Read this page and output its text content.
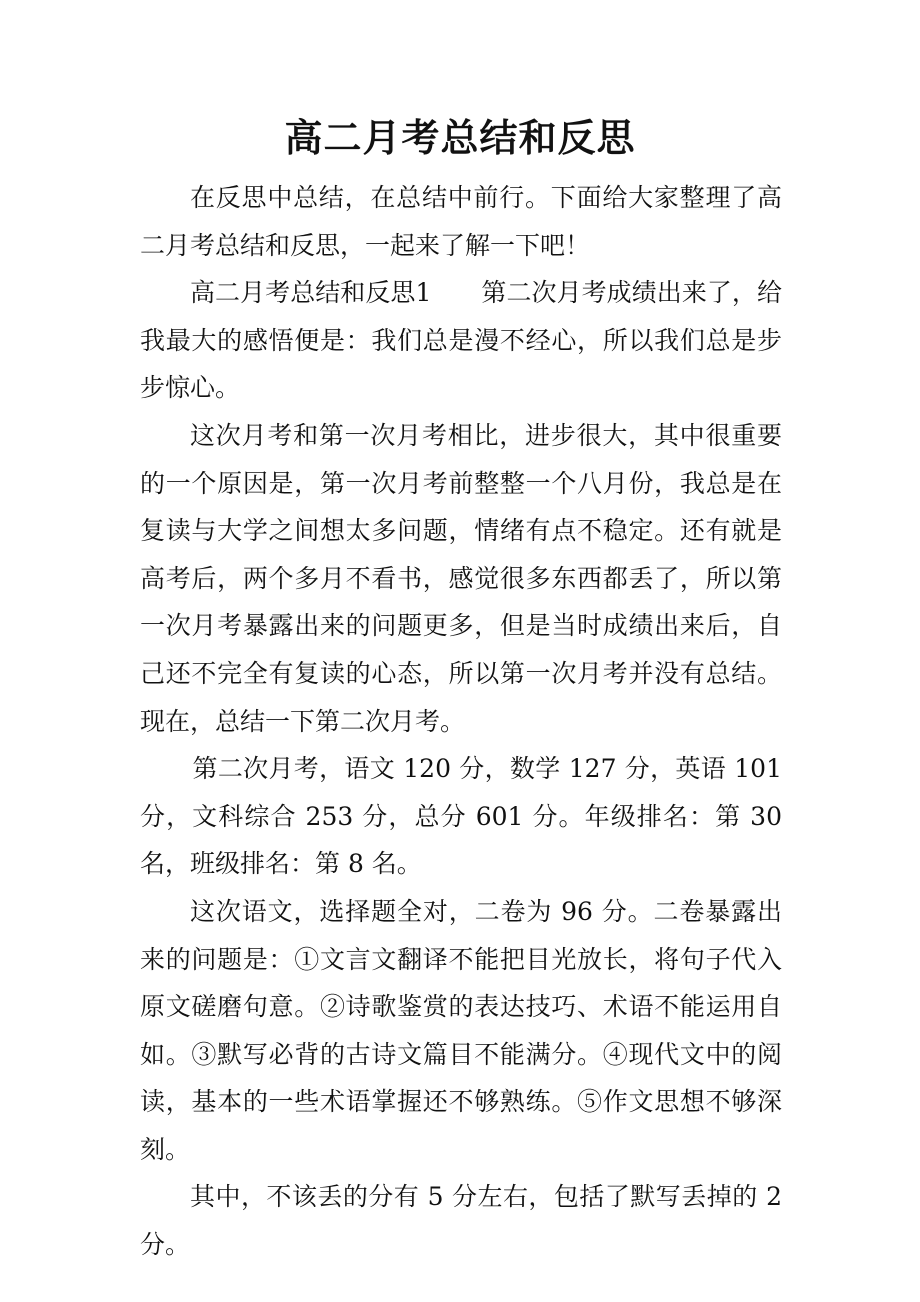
高二月考总结和反思

在反思中总结，在总结中前行。下面给大家整理了高二月考总结和反思，一起来了解一下吧！

高二月考总结和反思1 第二次月考成绩出来了，给我最大的感悟便是：我们总是漫不经心，所以我们总是步步惊心。

这次月考和第一次月考相比，进步很大，其中很重要的一个原因是，第一次月考前整整一个八月份，我总是在复读与大学之间想太多问题，情绪有点不稳定。还有就是高考后，两个多月不看书，感觉很多东西都丢了，所以第一次月考暴露出来的问题更多，但是当时成绩出来后，自己还不完全有复读的心态，所以第一次月考并没有总结。现在，总结一下第二次月考。

第二次月考，语文 120 分，数学 127 分，英语 101 分，文科综合 253 分，总分 601 分。年级排名：第 30 名，班级排名：第 8 名。

这次语文，选择题全对，二卷为 96 分。二卷暴露出来的问题是：①文言文翻译不能把目光放长，将句子代入原文磋磨句意。②诗歌鉴赏的表达技巧、术语不能运用自如。③默写必背的古诗文篇目不能满分。④现代文中的阅读，基本的一些术语掌握还不够熟练。⑤作文思想不够深刻。

其中，不该丢的分有 5 分左右，包括了默写丢掉的 2 分。
